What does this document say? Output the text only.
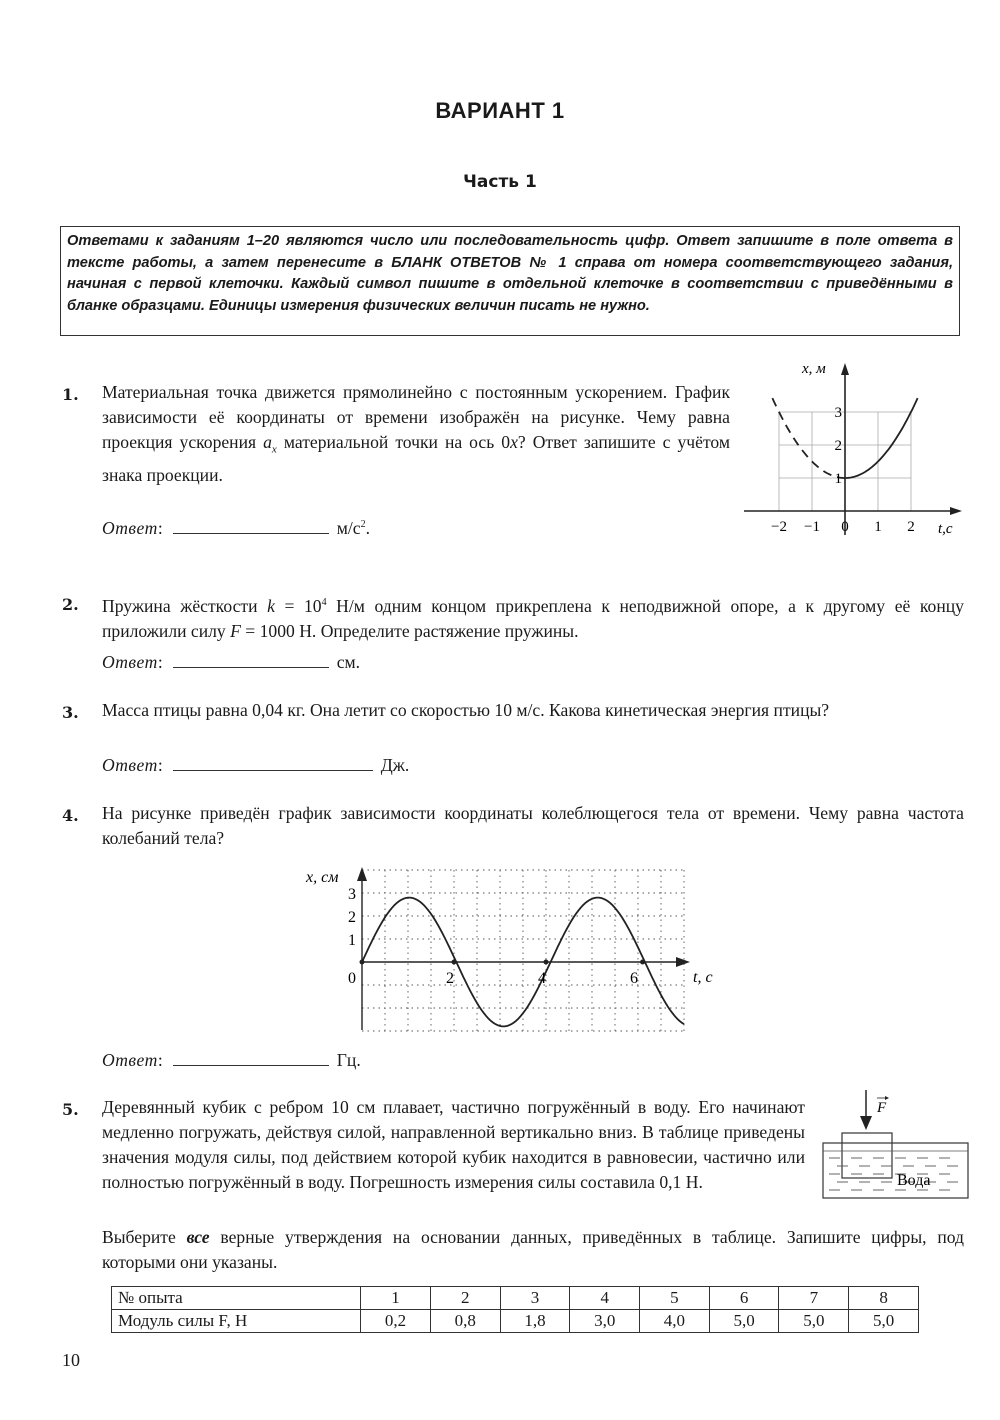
ВАРИАНТ 1
Часть 1
Ответами к заданиям 1–20 являются число или последовательность цифр. Ответ запишите в поле ответа в тексте работы, а затем перенесите в БЛАНК ОТВЕТОВ № 1 справа от номера соответствующего задания, начиная с первой клеточки. Каждый символ пишите в отдельной клеточке в соответствии с приведёнными в бланке образцами. Единицы измерения физических величин писать не нужно.
1. Материальная точка движется прямолинейно с постоянным ускорением. График зависимости её координаты от времени изображён на рисунке. Чему равна проекция ускорения $a_x$ материальной точки на ось 0x? Ответ запишите с учётом знака проекции.
Ответ:	$м/с^2$.	−2 −1 0 1 2
1
2
3
x, м
t,с
2. Пружина жёсткости $k = 10^4$ Н/м одним концом прикреплена к неподвижной опоре, а к другому её концу приложили силу F = 1000 Н. Определите растяжение пружины.
Ответ:	см.
3. Масса птицы равна 0,04 кг. Она летит со скоростью 10 м/с. Какова кинетическая энергия птицы?
Ответ:	Дж.
4. На рисунке приведён график зависимости координаты колеблющегося тела от времени. Чему равна частота колебаний тела?
0	2	4	6
1
2
3
x, см
t, с
Ответ:	Гц.
5. Деревянный кубик с ребром 10 см плавает, частично погружённый в воду. Его начинают медленно погружать, действуя силой, направленной вертикально вниз. В таблице приведены значения модуля силы, под действием которой кубик находится в равновесии, частично или полностью погружённый в воду. Погрешность измерения силы составила 0,1 Н.
Выберите все верные утверждения на основании данных, приведённых в таблице. Запишите цифры, под которыми они указаны.
F
Вода
№ опыта	1	2	3	4	5	6	7	8
Модуль силы F, Н	0,2	0,8	1,8	3,0	4,0	5,0	5,0	5,0
10
